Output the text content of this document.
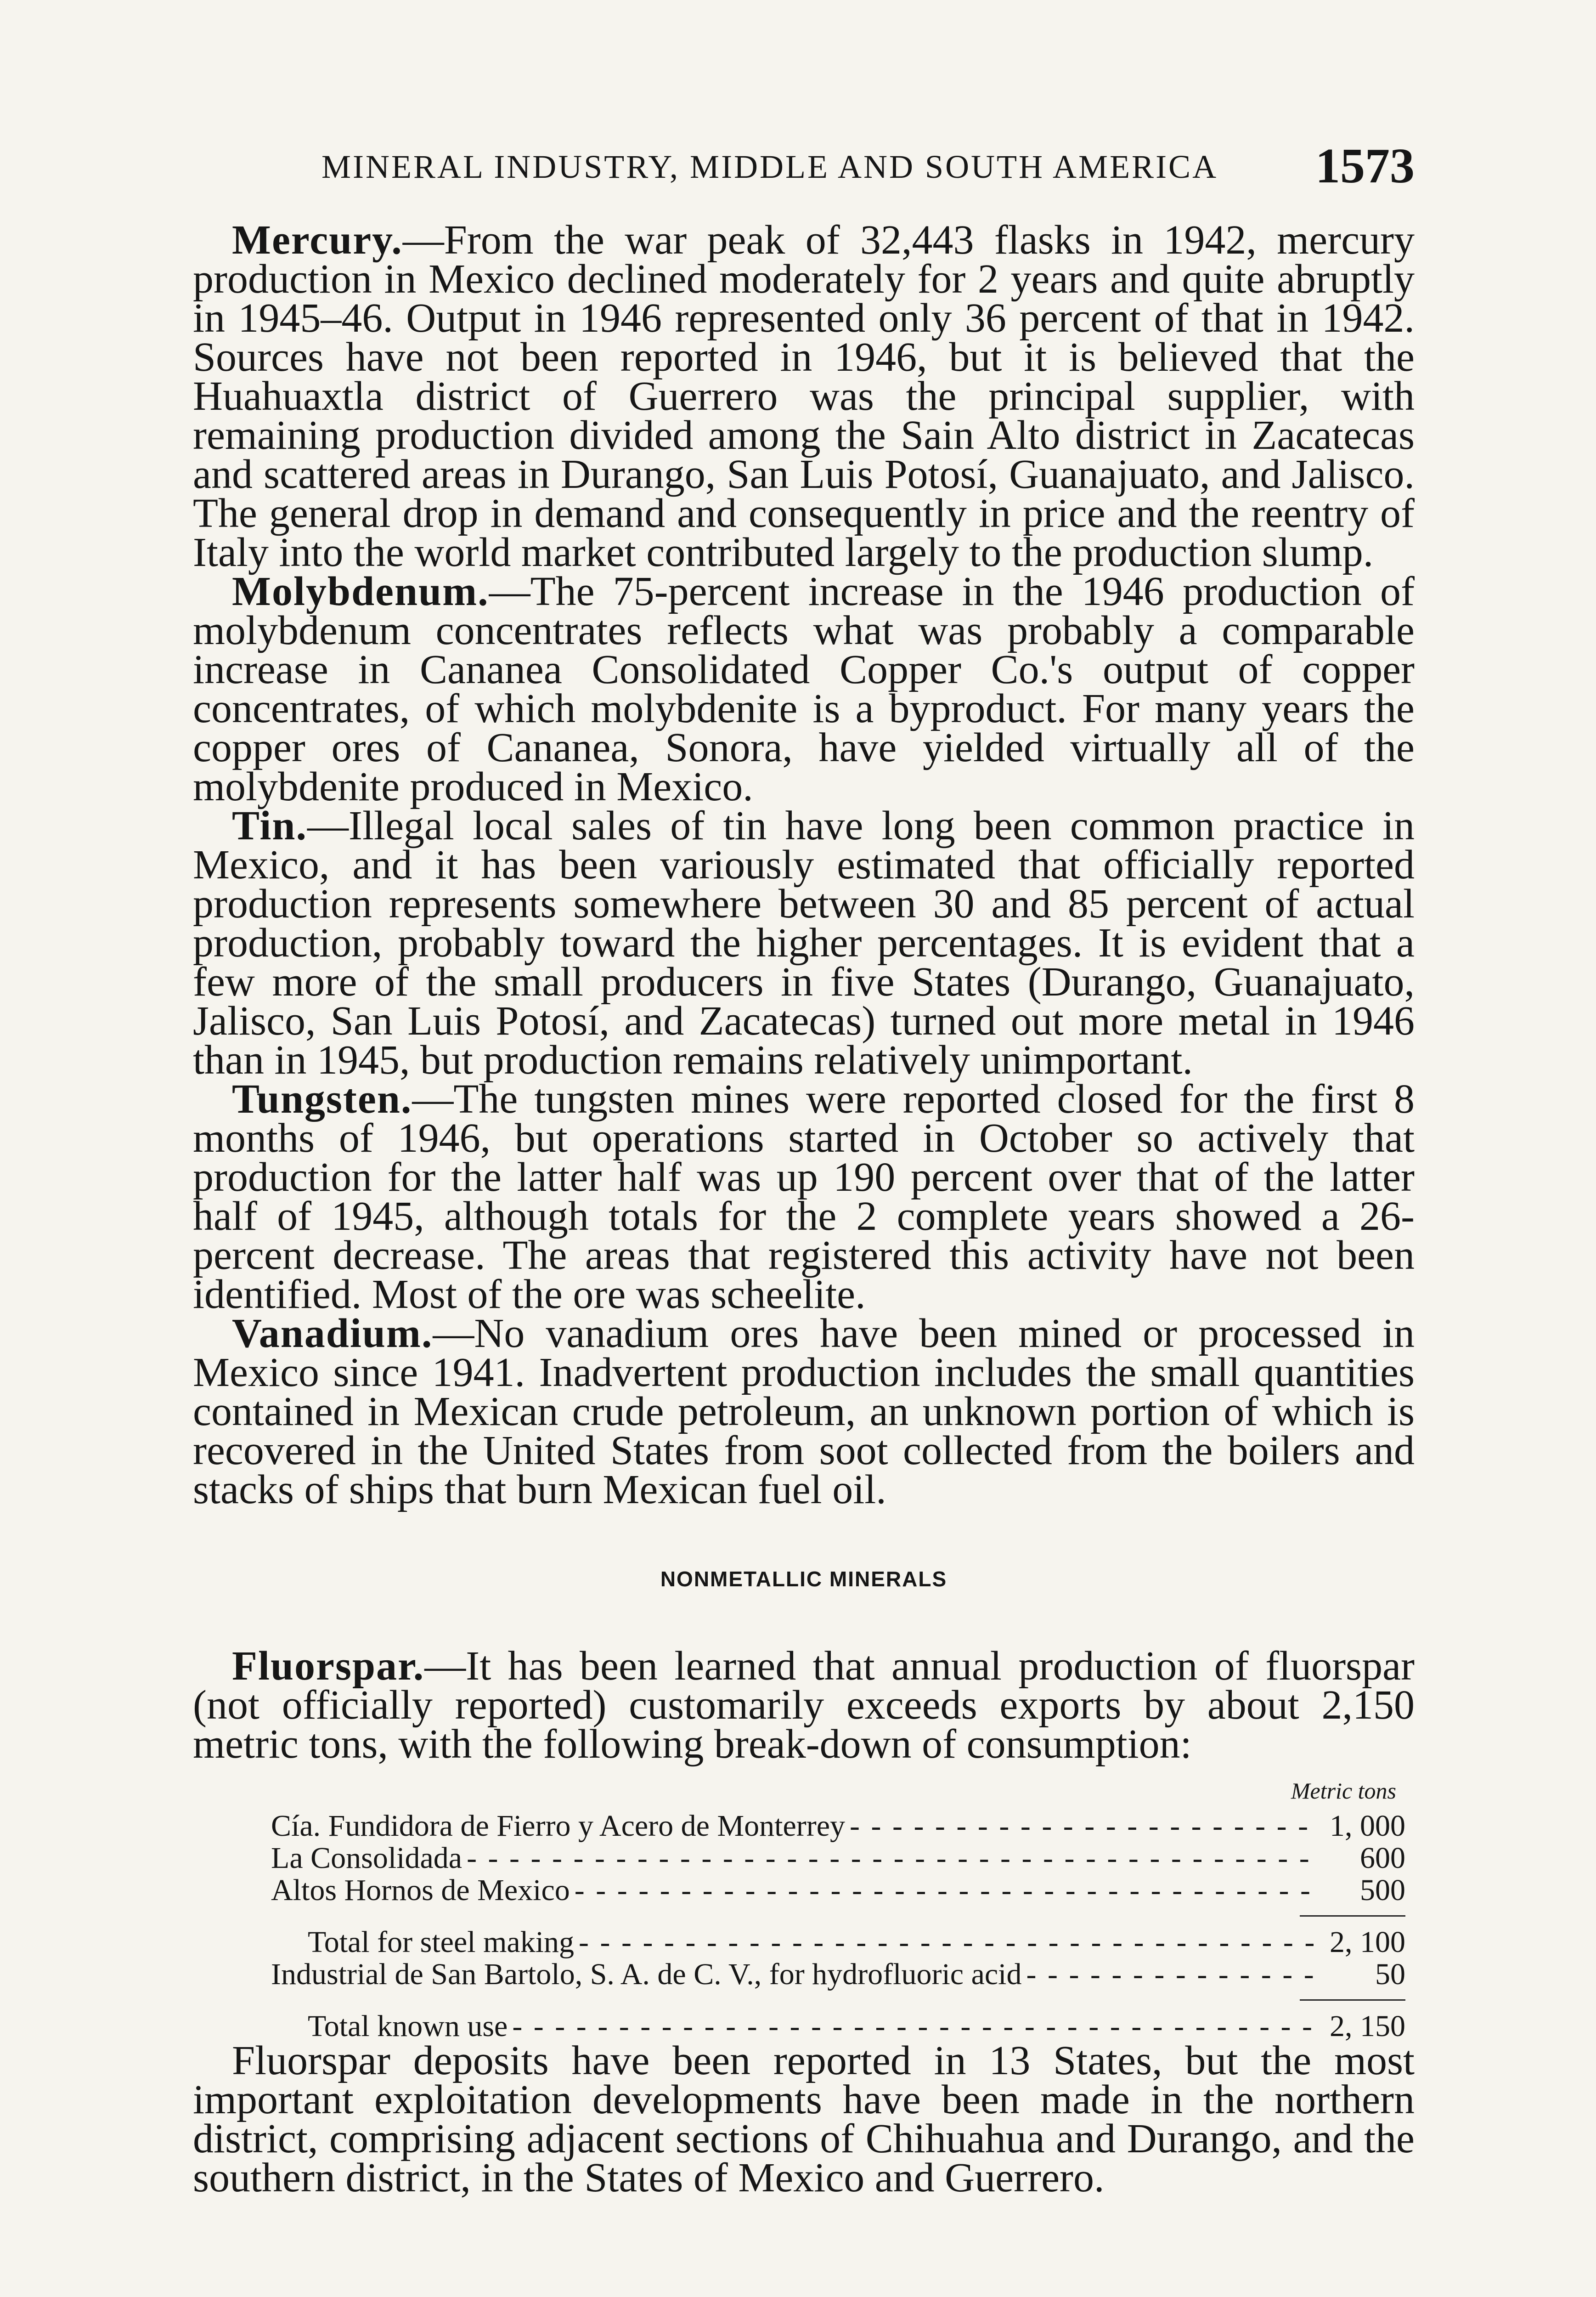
MINERAL INDUSTRY, MIDDLE AND SOUTH AMERICA 1573

Mercury.—From the war peak of 32,443 flasks in 1942, mercury production in Mexico declined moderately for 2 years and quite abruptly in 1945–46. Output in 1946 represented only 36 percent of that in 1942. Sources have not been reported in 1946, but it is believed that the Huahuaxtla district of Guerrero was the principal supplier, with remaining production divided among the Sain Alto district in Zacatecas and scattered areas in Durango, San Luis Potosí, Guanajuato, and Jalisco. The general drop in demand and consequently in price and the reentry of Italy into the world market contributed largely to the production slump.

Molybdenum.—The 75-percent increase in the 1946 production of molybdenum concentrates reflects what was probably a comparable increase in Cananea Consolidated Copper Co.'s output of copper concentrates, of which molybdenite is a byproduct. For many years the copper ores of Cananea, Sonora, have yielded virtually all of the molybdenite produced in Mexico.

Tin.—Illegal local sales of tin have long been common practice in Mexico, and it has been variously estimated that officially reported production represents somewhere between 30 and 85 percent of actual production, probably toward the higher percentages. It is evident that a few more of the small producers in five States (Durango, Guanajuato, Jalisco, San Luis Potosí, and Zacatecas) turned out more metal in 1946 than in 1945, but production remains relatively unimportant.

Tungsten.—The tungsten mines were reported closed for the first 8 months of 1946, but operations started in October so actively that production for the latter half was up 190 percent over that of the latter half of 1945, although totals for the 2 complete years showed a 26-percent decrease. The areas that registered this activity have not been identified. Most of the ore was scheelite.

Vanadium.—No vanadium ores have been mined or processed in Mexico since 1941. Inadvertent production includes the small quantities contained in Mexican crude petroleum, an unknown portion of which is recovered in the United States from soot collected from the boilers and stacks of ships that burn Mexican fuel oil.

NONMETALLIC MINERALS

Fluorspar.—It has been learned that annual production of fluorspar (not officially reported) customarily exceeds exports by about 2,150 metric tons, with the following break-down of consumption:

Metric tons
Cía. Fundidora de Fierro y Acero de Monterrey - - -	1, 000
La Consolidada - - -	600
Altos Hornos de Mexico - - -	500
Total for steel making - - -	2, 100
Industrial de San Bartolo, S. A. de C. V., for hydrofluoric acid - - -	50
Total known use - - -	2, 150

Fluorspar deposits have been reported in 13 States, but the most important exploitation developments have been made in the northern district, comprising adjacent sections of Chihuahua and Durango, and the southern district, in the States of Mexico and Guerrero.
